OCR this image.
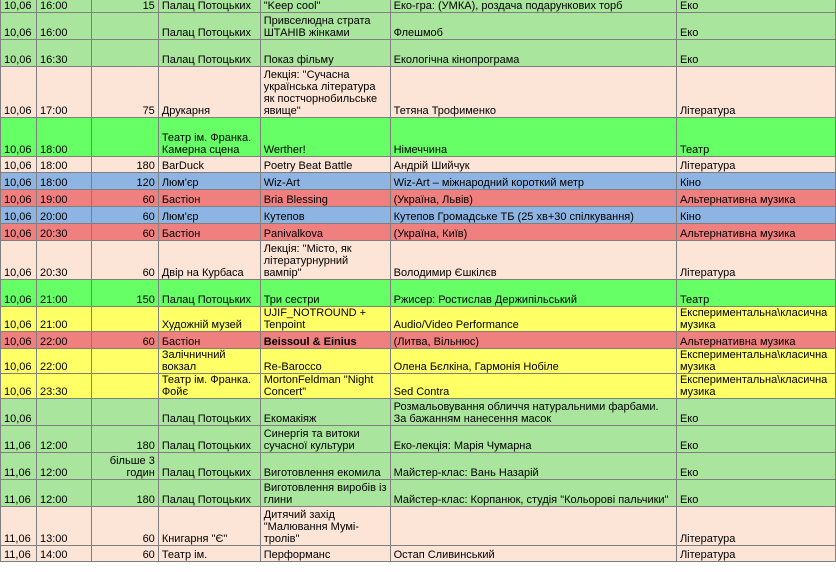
10,06	16:00	15	Палац Потоцьких	"Keep cool"	Еко-гра: (УМКА), роздача подарункових торб	Еко
10,06	16:00		Палац Потоцьких	Привселюдна страта ШТАНІВ жінками	Флешмоб	Еко
10,06	16:30		Палац Потоцьких	Показ фільму	Екологічна кінопрограма	Еко
10,06	17:00	75	Друкарня	Лекція: "Сучасна українська література як постчорнобильське явище"	Тетяна Трофименко	Література
10,06	18:00		Театр ім. Франка. Камерна сцена	Werther!	Німеччина	Театр
10,06	18:00	180	BarDuck	Poetry Beat Battle	Андрій Шийчук	Література
10,06	18:00	120	Люм'єр	Wiz-Art	Wiz-Art – міжнародний короткий метр	Кіно
10,06	19:00	60	Бастіон	Bria Blessing	(Україна, Львів)	Альтернативна музика
10,06	20:00	60	Люм'єр	Кутепов	Кутепов Громадське ТБ (25 хв+30 спілкування)	Кіно
10,06	20:30	60	Бастіон	Panivalkova	(Україна, Київ)	Альтернативна музика
10,06	20:30	60	Двір на Курбаса	Лекція: "Місто, як літературнурний вампір"	Володимир Єшкілєв	Література
10,06	21:00	150	Палац Потоцьких	Три сестри	Ржисер: Ростислав Держипільський	Театр
10,06	21:00		Художній музей	UJIF_NOTROUND + Tenpoint	Audio/Video Performance	Експериментальна\класична музика
10,06	22:00	60	Бастіон	Beissoul & Einius	(Литва, Вільнюс)	Альтернативна музика
10,06	22:00		Залічничний вокзал	Re-Barocco	Олена Бєлкіна, Гармонія Нобіле	Експериментальна\класична музика
10,06	23:30		Театр ім. Франка. Фойє	MortonFeldman "Night Concert"	Sed Contra	Експериментальна\класична музика
10,06			Палац Потоцьких	Екомакіяж	Розмальовування обличчя натуральними фарбами. За бажанням нанесення масок	Еко
11,06	12:00	180	Палац Потоцьких	Синергія та витоки сучасної культури	Еко-лекція: Марія Чумарна	Еко
11,06	12:00	більше 3 годин	Палац Потоцьких	Виготовлення екомила	Майстер-клас: Вань Назарій	Еко
11,06	12:00	180	Палац Потоцьких	Виготовлення виробів із глини	Майстер-клас: Корпанюк, студія "Кольорові пальчики"	Еко
11,06	13:00	60	Книгарня "Є"	Дитячий захід "Малювання Мумі-тролів"		Література
11,06	14:00	60	Театр ім.	Перформанс	Остап Сливинський	Література
